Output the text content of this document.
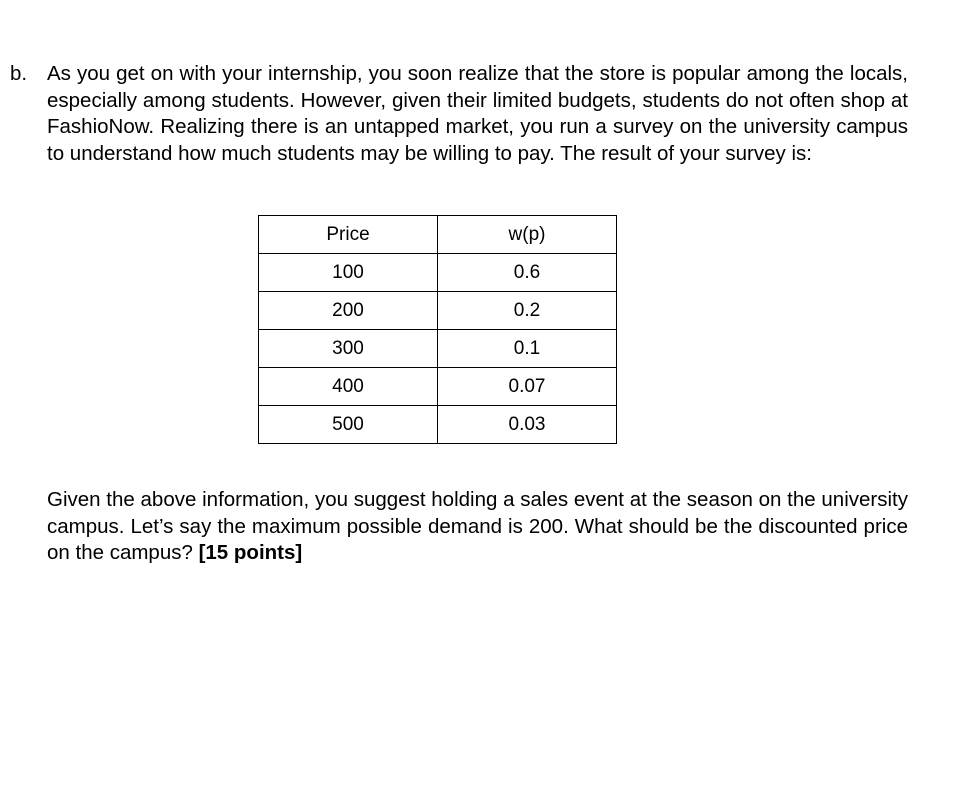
b. As you get on with your internship, you soon realize that the store is popular among the locals, especially among students. However, given their limited budgets, students do not often shop at FashioNow. Realizing there is an untapped market, you run a survey on the university campus to understand how much students may be willing to pay. The result of your survey is:
Price	w(p)
100	0.6
200	0.2
300	0.1
400	0.07
500	0.03
Given the above information, you suggest holding a sales event at the season on the university campus. Let’s say the maximum possible demand is 200. What should be the discounted price on the campus? [15 points]
